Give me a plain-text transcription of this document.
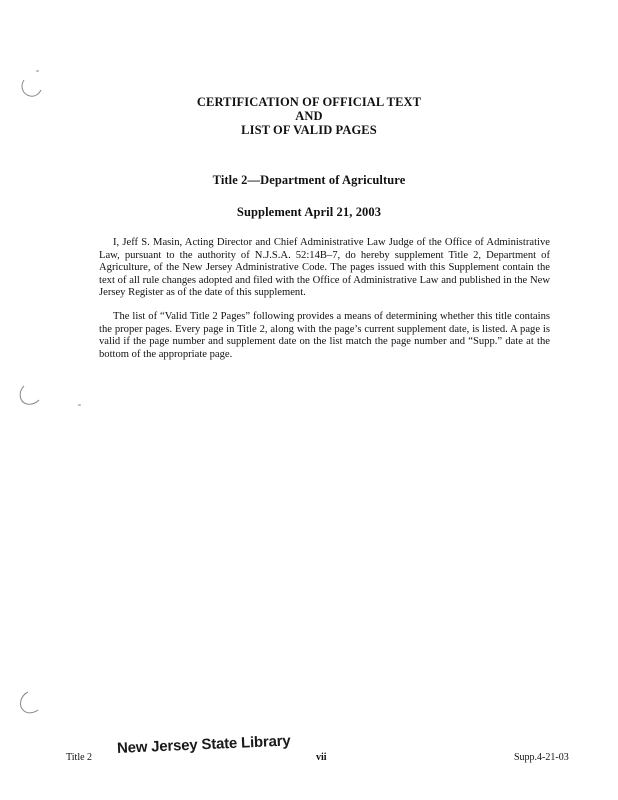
CERTIFICATION OF OFFICIAL TEXT
AND
LIST OF VALID PAGES
Title 2—Department of Agriculture
Supplement April 21, 2003

I, Jeff S. Masin, Acting Director and Chief Administrative Law Judge of the Office of Administrative Law, pursuant to the authority of N.J.S.A. 52:14B–7, do hereby supplement Title 2, Department of Agriculture, of the New Jersey Administrative Code. The pages issued with this Supplement contain the text of all rule changes adopted and filed with the Office of Administrative Law and published in the New Jersey Register as of the date of this supplement.

The list of “Valid Title 2 Pages” following provides a means of determining whether this title contains the proper pages. Every page in Title 2, along with the page’s current supplement date, is listed. A page is valid if the page number and supplement date on the list match the page number and “Supp.” date at the bottom of the appropriate page.

Title 2
New Jersey State Library
vii	Supp.4-21-03
